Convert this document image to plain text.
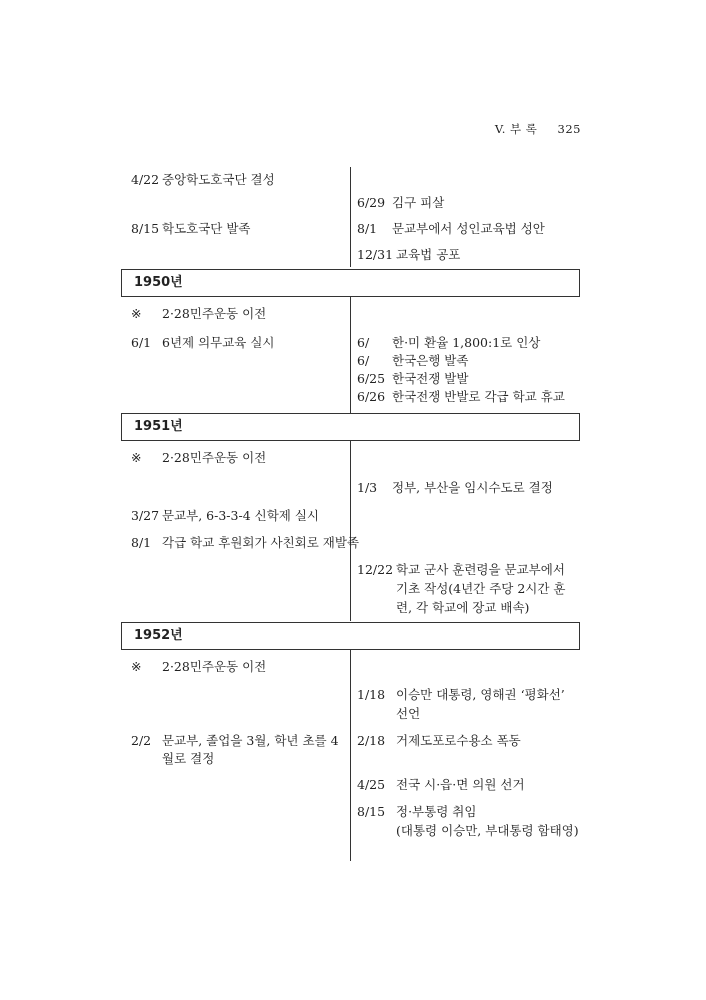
V. 부 록 325
4/22 중앙학도호국단 결성
8/15 학도호국단 발족
6/29 김구 피살
8/1 문교부에서 성인교육법 성안
12/31 교육법 공포
1950년
※ 2·28민주운동 이전
6/1 6년제 의무교육 실시	6/ 한·미 환율 1,800:1로 인상
6/ 한국은행 발족
6/25 한국전쟁 발발
6/26 한국전쟁 반발로 각급 학교 휴교
1951년
※ 2·28민주운동 이전
1/3 정부, 부산을 임시수도로 결정
3/27 문교부, 6-3-3-4 신학제 실시
8/1 각급 학교 후원회가 사친회로 재발족
12/22 학교 군사 훈련령을 문교부에서
기초 작성(4년간 주당 2시간 훈
련, 각 학교에 장교 배속)
1952년
※ 2·28민주운동 이전
1/18 이승만 대통령, 영해권 ‘평화선’
선언
2/2 문교부, 졸업을 3월, 학년 초를 4
월로 결정
2/18 거제도포로수용소 폭동
4/25 전국 시·읍·면 의원 선거
8/15 정·부통령 취임
(대통령 이승만, 부대통령 함태영)
